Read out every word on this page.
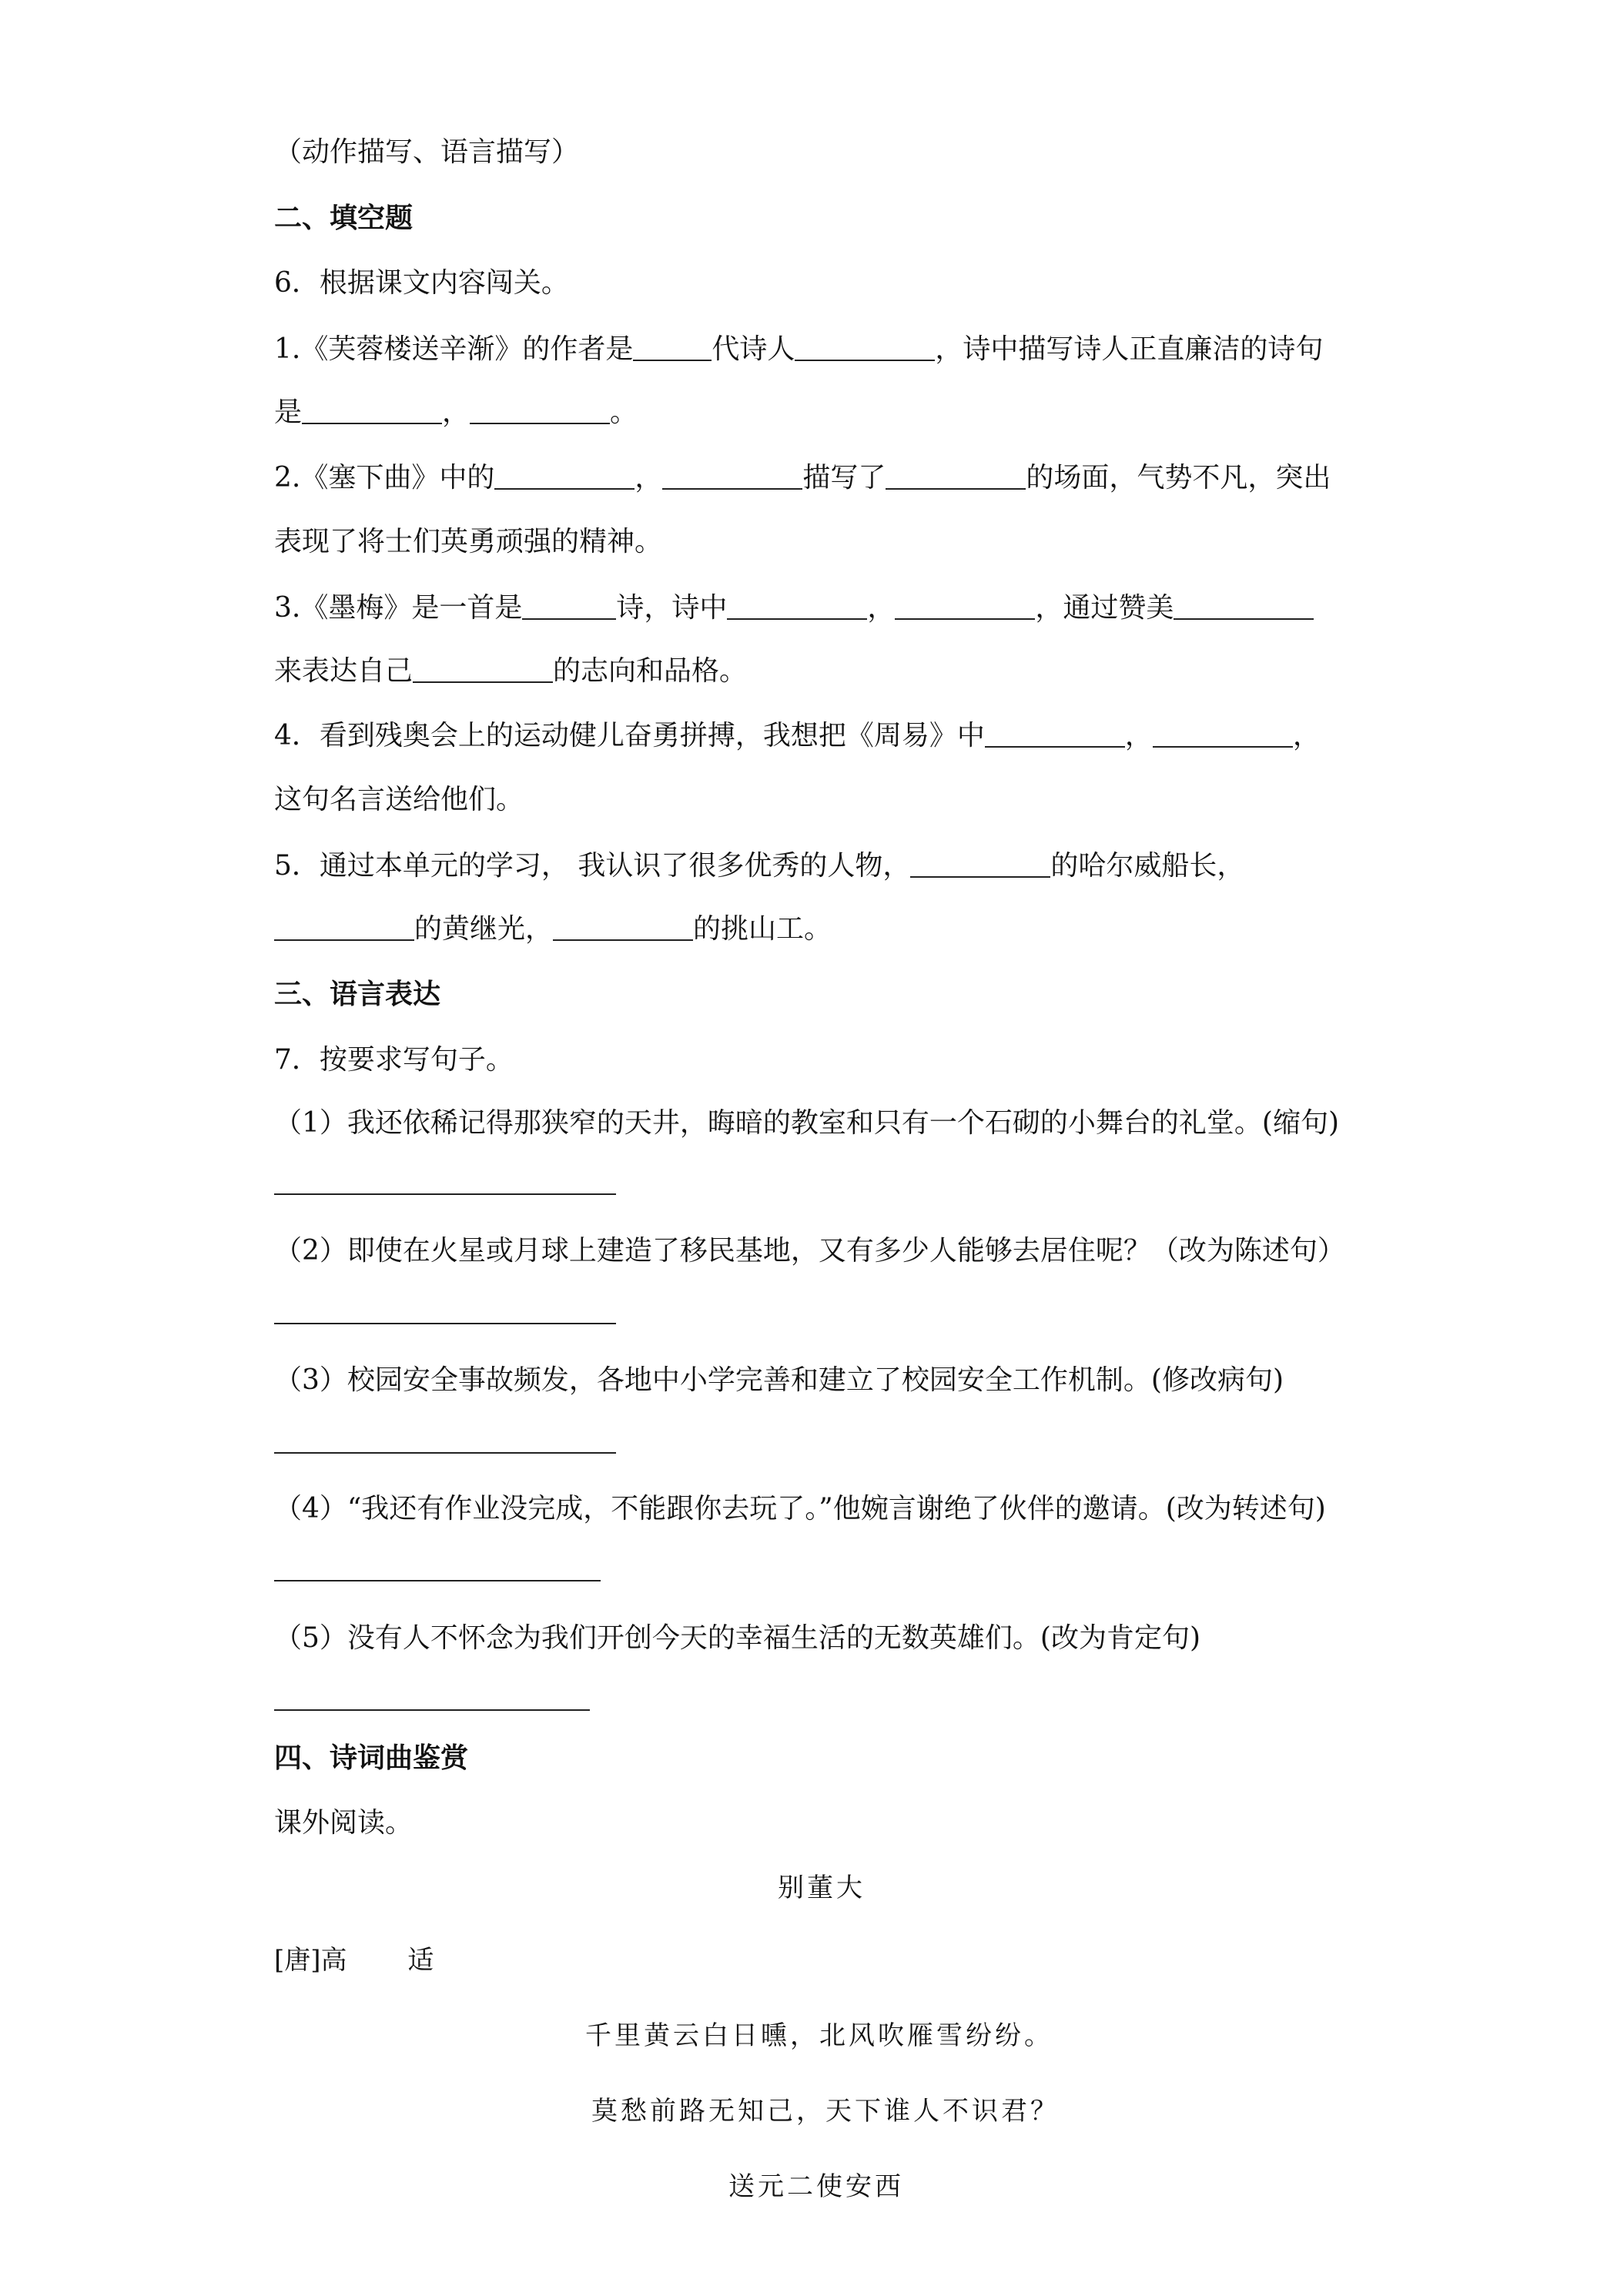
（动作描写、语言描写）
二、填空题
6．根据课文内容闯关。
1.《芙蓉楼送辛渐》的作者是	代诗人	，诗中描写诗人正直廉洁的诗句
是	，	。
2.《塞下曲》中的	，	描写了	的场面，气势不凡，突出
表现了将士们英勇顽强的精神。
3.《墨梅》是一首是	诗，诗中	，	，通过赞美
来表达自己	的志向和品格。
4．看到残奥会上的运动健儿奋勇拼搏，我想把《周易》中	，	，
这句名言送给他们。
5．通过本单元的学习， 我认识了很多优秀的人物，	的哈尔威船长，
的黄继光，	的挑山工。
三、语言表达
7．按要求写句子。
（1）我还依稀记得那狭窄的天井，晦暗的教室和只有一个石砌的小舞台的礼堂。(缩句)
（2）即使在火星或月球上建造了移民基地，又有多少人能够去居住呢？（改为陈述句）
（3）校园安全事故频发，各地中小学完善和建立了校园安全工作机制。(修改病句)
（4）“我还有作业没完成，不能跟你去玩了。”他婉言谢绝了伙伴的邀请。(改为转述句)
（5）没有人不怀念为我们开创今天的幸福生活的无数英雄们。(改为肯定句)
四、诗词曲鉴赏
课外阅读。
别董大
[唐]高　　 适
千里黄云白日曛，北风吹雁雪纷纷。
莫愁前路无知己，天下谁人不识君？
送元二使安西
